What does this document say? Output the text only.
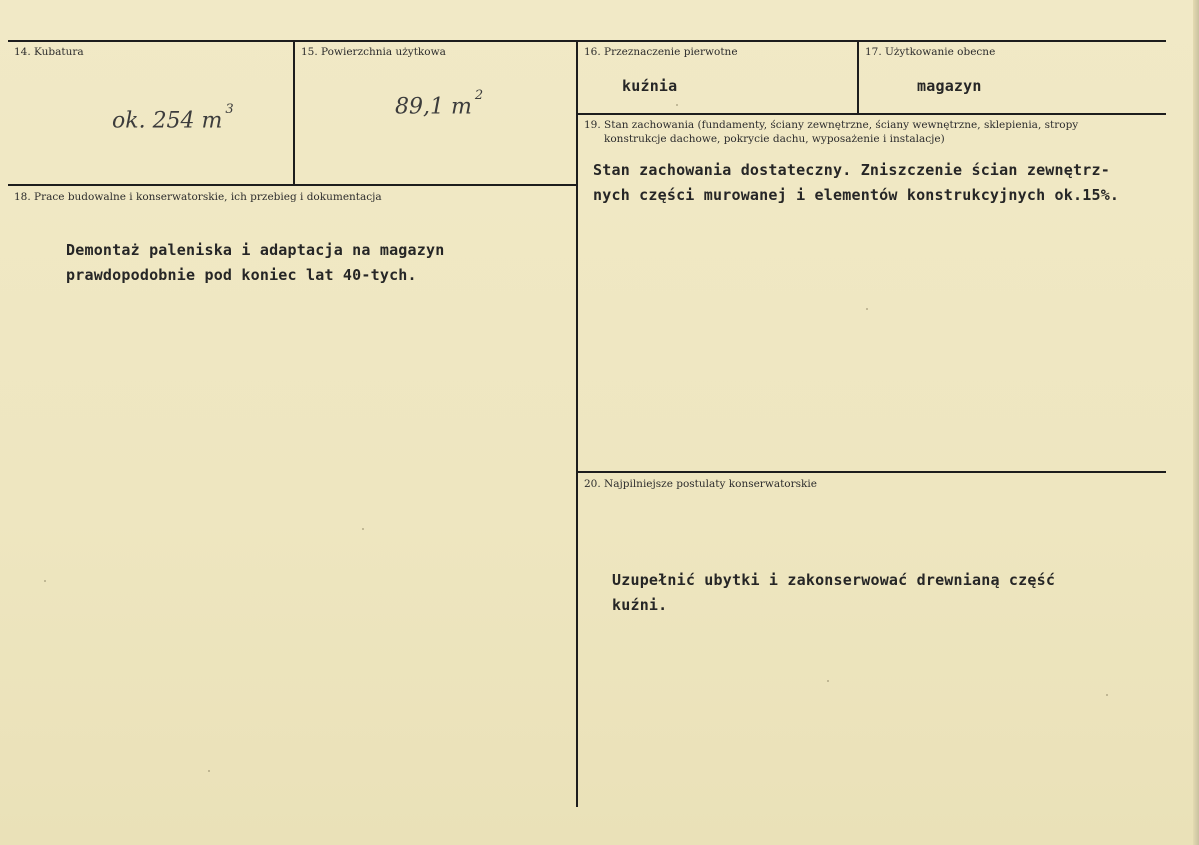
14. Kubatura
ok. 254 m $^3$
15. Powierzchnia użytkowa
89,1 m $^2$
16. Przeznaczenie pierwotne
kuźnia
17. Użytkowanie obecne
magazyn
18. Prace budowalne i konserwatorskie, ich przebieg i dokumentacja
Demontaż paleniska i adaptacja na magazyn
prawdopodobnie pod koniec lat 40-tych.
19. Stan zachowania (fundamenty, ściany zewnętrzne, ściany wewnętrzne, sklepienia, stropy
konstrukcje dachowe, pokrycie dachu, wyposażenie i instalacje)
Stan zachowania dostateczny. Zniszczenie ścian zewnętrz-
nych części murowanej i elementów konstrukcyjnych ok.15%.
20. Najpilniejsze postulaty konserwatorskie
Uzupełnić ubytki i zakonserwować drewnianą część
kuźni.
